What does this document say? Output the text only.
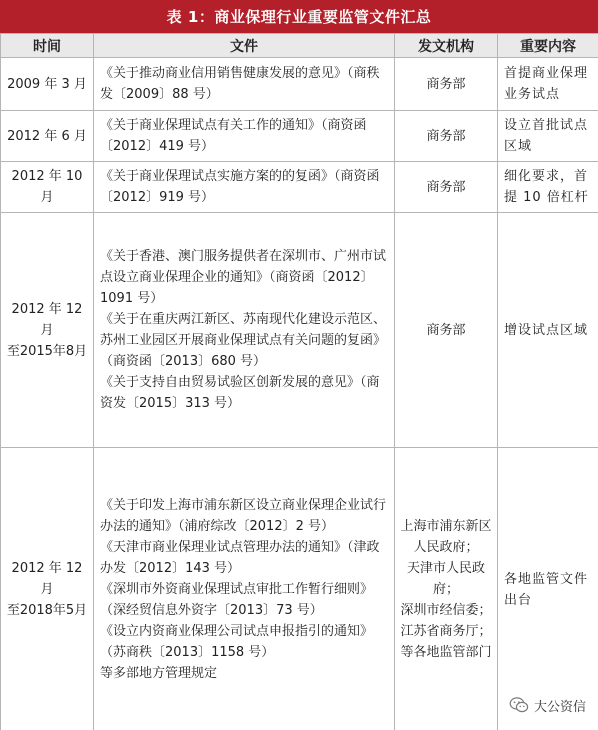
表 1：商业保理行业重要监管文件汇总
时间	文件	发文机构	重要内容

2009 年 3 月	《关于推动商业信用销售健康发展的意见》（商秩发〔2009〕88 号）	商务部	首提商业保理业务试点

2012 年 6 月	《关于商业保理试点有关工作的通知》（商资函〔2012〕419 号）	商务部	设立首批试点区域

2012 年 10 月	《关于商业保理试点实施方案的的复函》（商资函〔2012〕919 号）	商务部	细化要求，首提 10 倍杠杆

2012 年 12 月
至2015年8月	《关于香港、澳门服务提供者在深圳市、广州市试点设立商业保理企业的通知》（商资函〔2012〕1091 号）
《关于在重庆两江新区、苏南现代化建设示范区、苏州工业园区开展商业保理试点有关问题的复函》（商资函〔2013〕680 号）
《关于支持自由贸易试验区创新发展的意见》（商资发〔2015〕313 号）	商务部	增设试点区域

2012 年 12 月
至2018年5月	《关于印发上海市浦东新区设立商业保理企业试行办法的通知》（浦府综改〔2012〕2 号）
《天津市商业保理业试点管理办法的通知》（津政办发〔2012〕143 号）
《深圳市外资商业保理试点审批工作暂行细则》（深经贸信息外资字〔2013〕73 号）
《设立内资商业保理公司试点申报指引的通知》（苏商秩〔2013〕1158 号）
等多部地方管理规定	上海市浦东新区人民政府；
天津市人民政府；
深圳市经信委；
江苏省商务厅；
等各地监管部门	各地监管文件出台
大公资信
